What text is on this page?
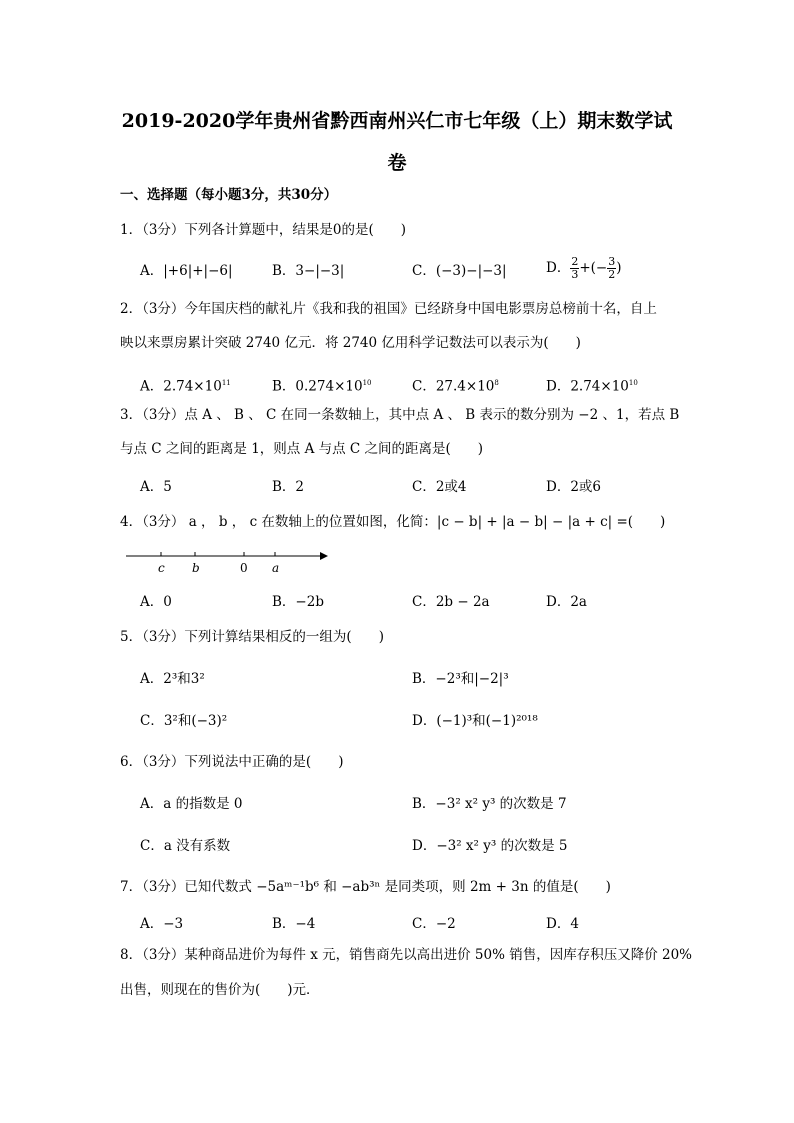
2019-2020学年贵州省黔西南州兴仁市七年级（上）期末数学试
卷
一、选择题（每小题3分，共30分）
1．（3分）下列各计算题中，结果是0的是(　　)
A．|+6|+|−6|	B．3−|−3|	C．(−3)−|−3|	D． $\frac{2}{3}$ +(− $\frac{3}{2}$ )
2．（3分）今年国庆档的献礼片《我和我的祖国》已经跻身中国电影票房总榜前十名，自上
映以来票房累计突破 2740 亿元．将 2740 亿用科学记数法可以表示为(　　)
A．$2.74\times 10^{11}$	B．$0.274\times 10^{10}$	C．$27.4\times 10^8$	D．$2.74\times 10^{10}$
3．（3分）点 A 、 B 、 C 在同一条数轴上，其中点 A 、 B 表示的数分别为 −2 、1，若点 B
与点 C 之间的距离是 1，则点 A 与点 C 之间的距离是(　　)
A．5	B．2	C．2或4	D．2或6
4．（3分） a ， b ， c 在数轴上的位置如图，化简：|c − b| + |a − b| − |a + c| =(　　)
c b	0 a
A．0	B．−2b	C．2b − 2a	D．2a
5．（3分）下列计算结果相反的一组为(　　)
A．2³和3²	B．−2³和|−2|³
C．3²和(−3)²	D．(−1)³和(−1)²⁰¹⁸
6．（3分）下列说法中正确的是(　　)
A．a 的指数是 0	B．−3² x² y³ 的次数是 7
C．a 没有系数	D．−3² x² y³ 的次数是 5
7．（3分）已知代数式 −5aᵐ⁻¹b⁶ 和 −ab³ⁿ 是同类项，则 2m + 3n 的值是(　　)
A．−3	B．−4	C．−2	D．4
8．（3分）某种商品进价为每件 x 元，销售商先以高出进价 50% 销售，因库存积压又降价 20%
出售，则现在的售价为(　　)元．
